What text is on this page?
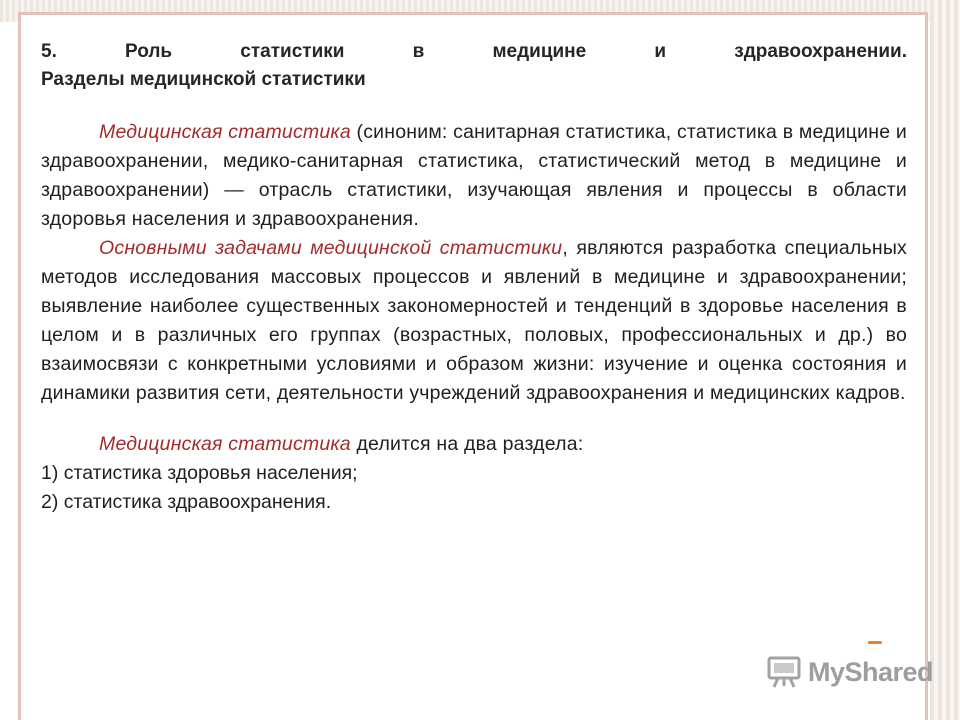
5. Роль статистики в медицине и здравоохранении.
Разделы медицинской статистики

Медицинская статистика (синоним: санитарная статистика, статистика в медицине и здравоохранении, медико-санитарная статистика, статистический метод в медицине и здравоохранении) — отрасль статистики, изучающая явления и процессы в области здоровья населения и здравоохранения.

Основными задачами медицинской статистики, являются разработка специальных методов исследования массовых процессов и явлений в медицине и здравоохранении; выявление наиболее существенных закономерностей и тенденций в здоровье населения в целом и в различных его группах (возрастных, половых, профессиональных и др.) во взаимосвязи с конкретными условиями и образом жизни: изучение и оценка состояния и динамики развития сети, деятельности учреждений здравоохранения и медицинских кадров.

Медицинская статистика делится на два раздела:

1) статистика здоровья населения;

2) статистика здравоохранения.

MyShared
